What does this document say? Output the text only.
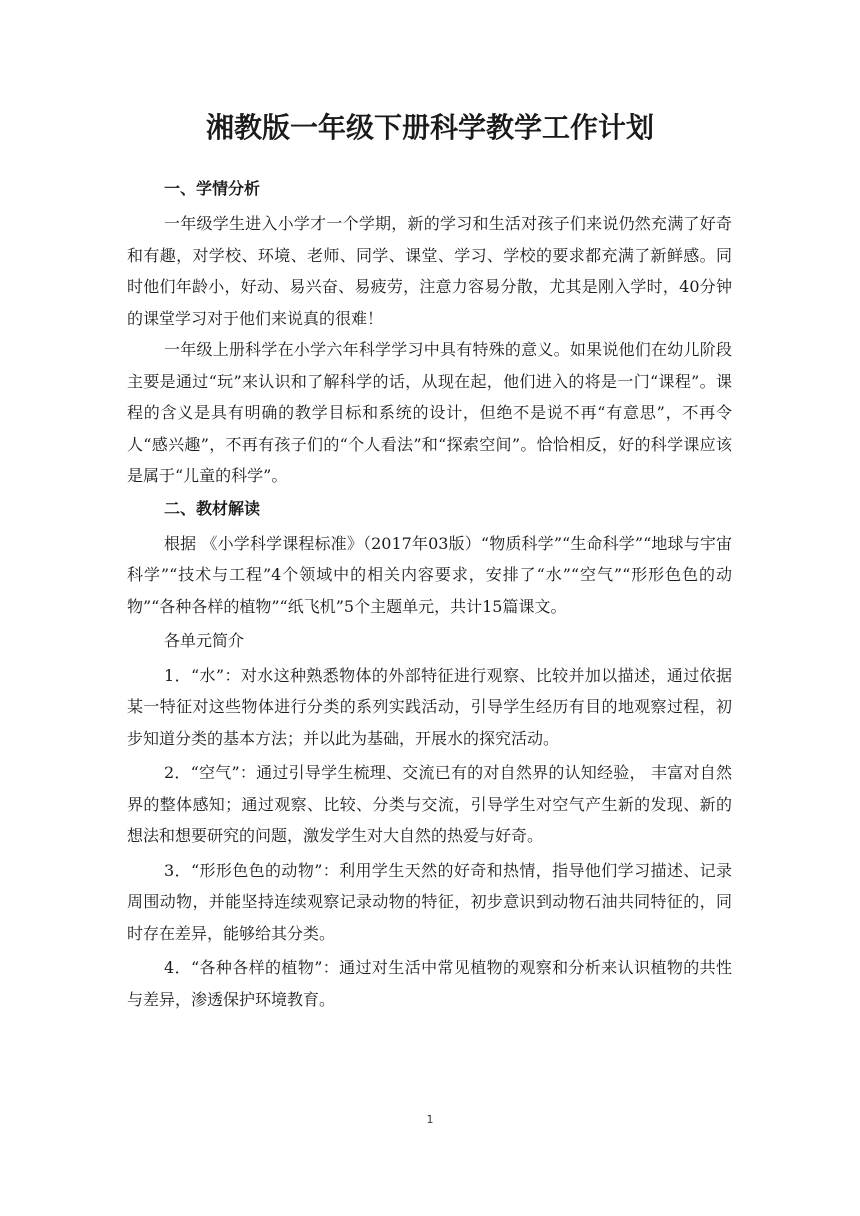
湘教版一年级下册科学教学工作计划

一、学情分析

一年级学生进入小学才一个学期，新的学习和生活对孩子们来说仍然充满了好奇和有趣，对学校、环境、老师、同学、课堂、学习、学校的要求都充满了新鲜感。同时他们年龄小，好动、易兴奋、易疲劳，注意力容易分散，尤其是刚入学时，40分钟的课堂学习对于他们来说真的很难！

一年级上册科学在小学六年科学学习中具有特殊的意义。如果说他们在幼儿阶段主要是通过“玩”来认识和了解科学的话，从现在起，他们进入的将是一门“课程”。课程的含义是具有明确的教学目标和系统的设计，但绝不是说不再“有意思”，不再令人“感兴趣”，不再有孩子们的“个人看法”和“探索空间”。恰恰相反，好的科学课应该是属于“儿童的科学”。

二、教材解读

根据 《小学科学课程标准》（2017年03版）“物质科学”“生命科学”“地球与宇宙科学”“技术与工程”4个领域中的相关内容要求，安排了“水”“空气”“形形色色的动物”“各种各样的植物”“纸飞机”5个主题单元，共计15篇课文。

各单元简介

1．“水”：对水这种熟悉物体的外部特征进行观察、比较并加以描述，通过依据某一特征对这些物体进行分类的系列实践活动，引导学生经历有目的地观察过程，初步知道分类的基本方法；并以此为基础，开展水的探究活动。

2．“空气”：通过引导学生梳理、交流已有的对自然界的认知经验， 丰富对自然界的整体感知；通过观察、比较、分类与交流，引导学生对空气产生新的发现、新的想法和想要研究的问题，激发学生对大自然的热爱与好奇。

3．“形形色色的动物”：利用学生天然的好奇和热情，指导他们学习描述、记录周围动物，并能坚持连续观察记录动物的特征，初步意识到动物石油共同特征的，同时存在差异，能够给其分类。

4．“各种各样的植物”：通过对生活中常见植物的观察和分析来认识植物的共性与差异，渗透保护环境教育。

1
